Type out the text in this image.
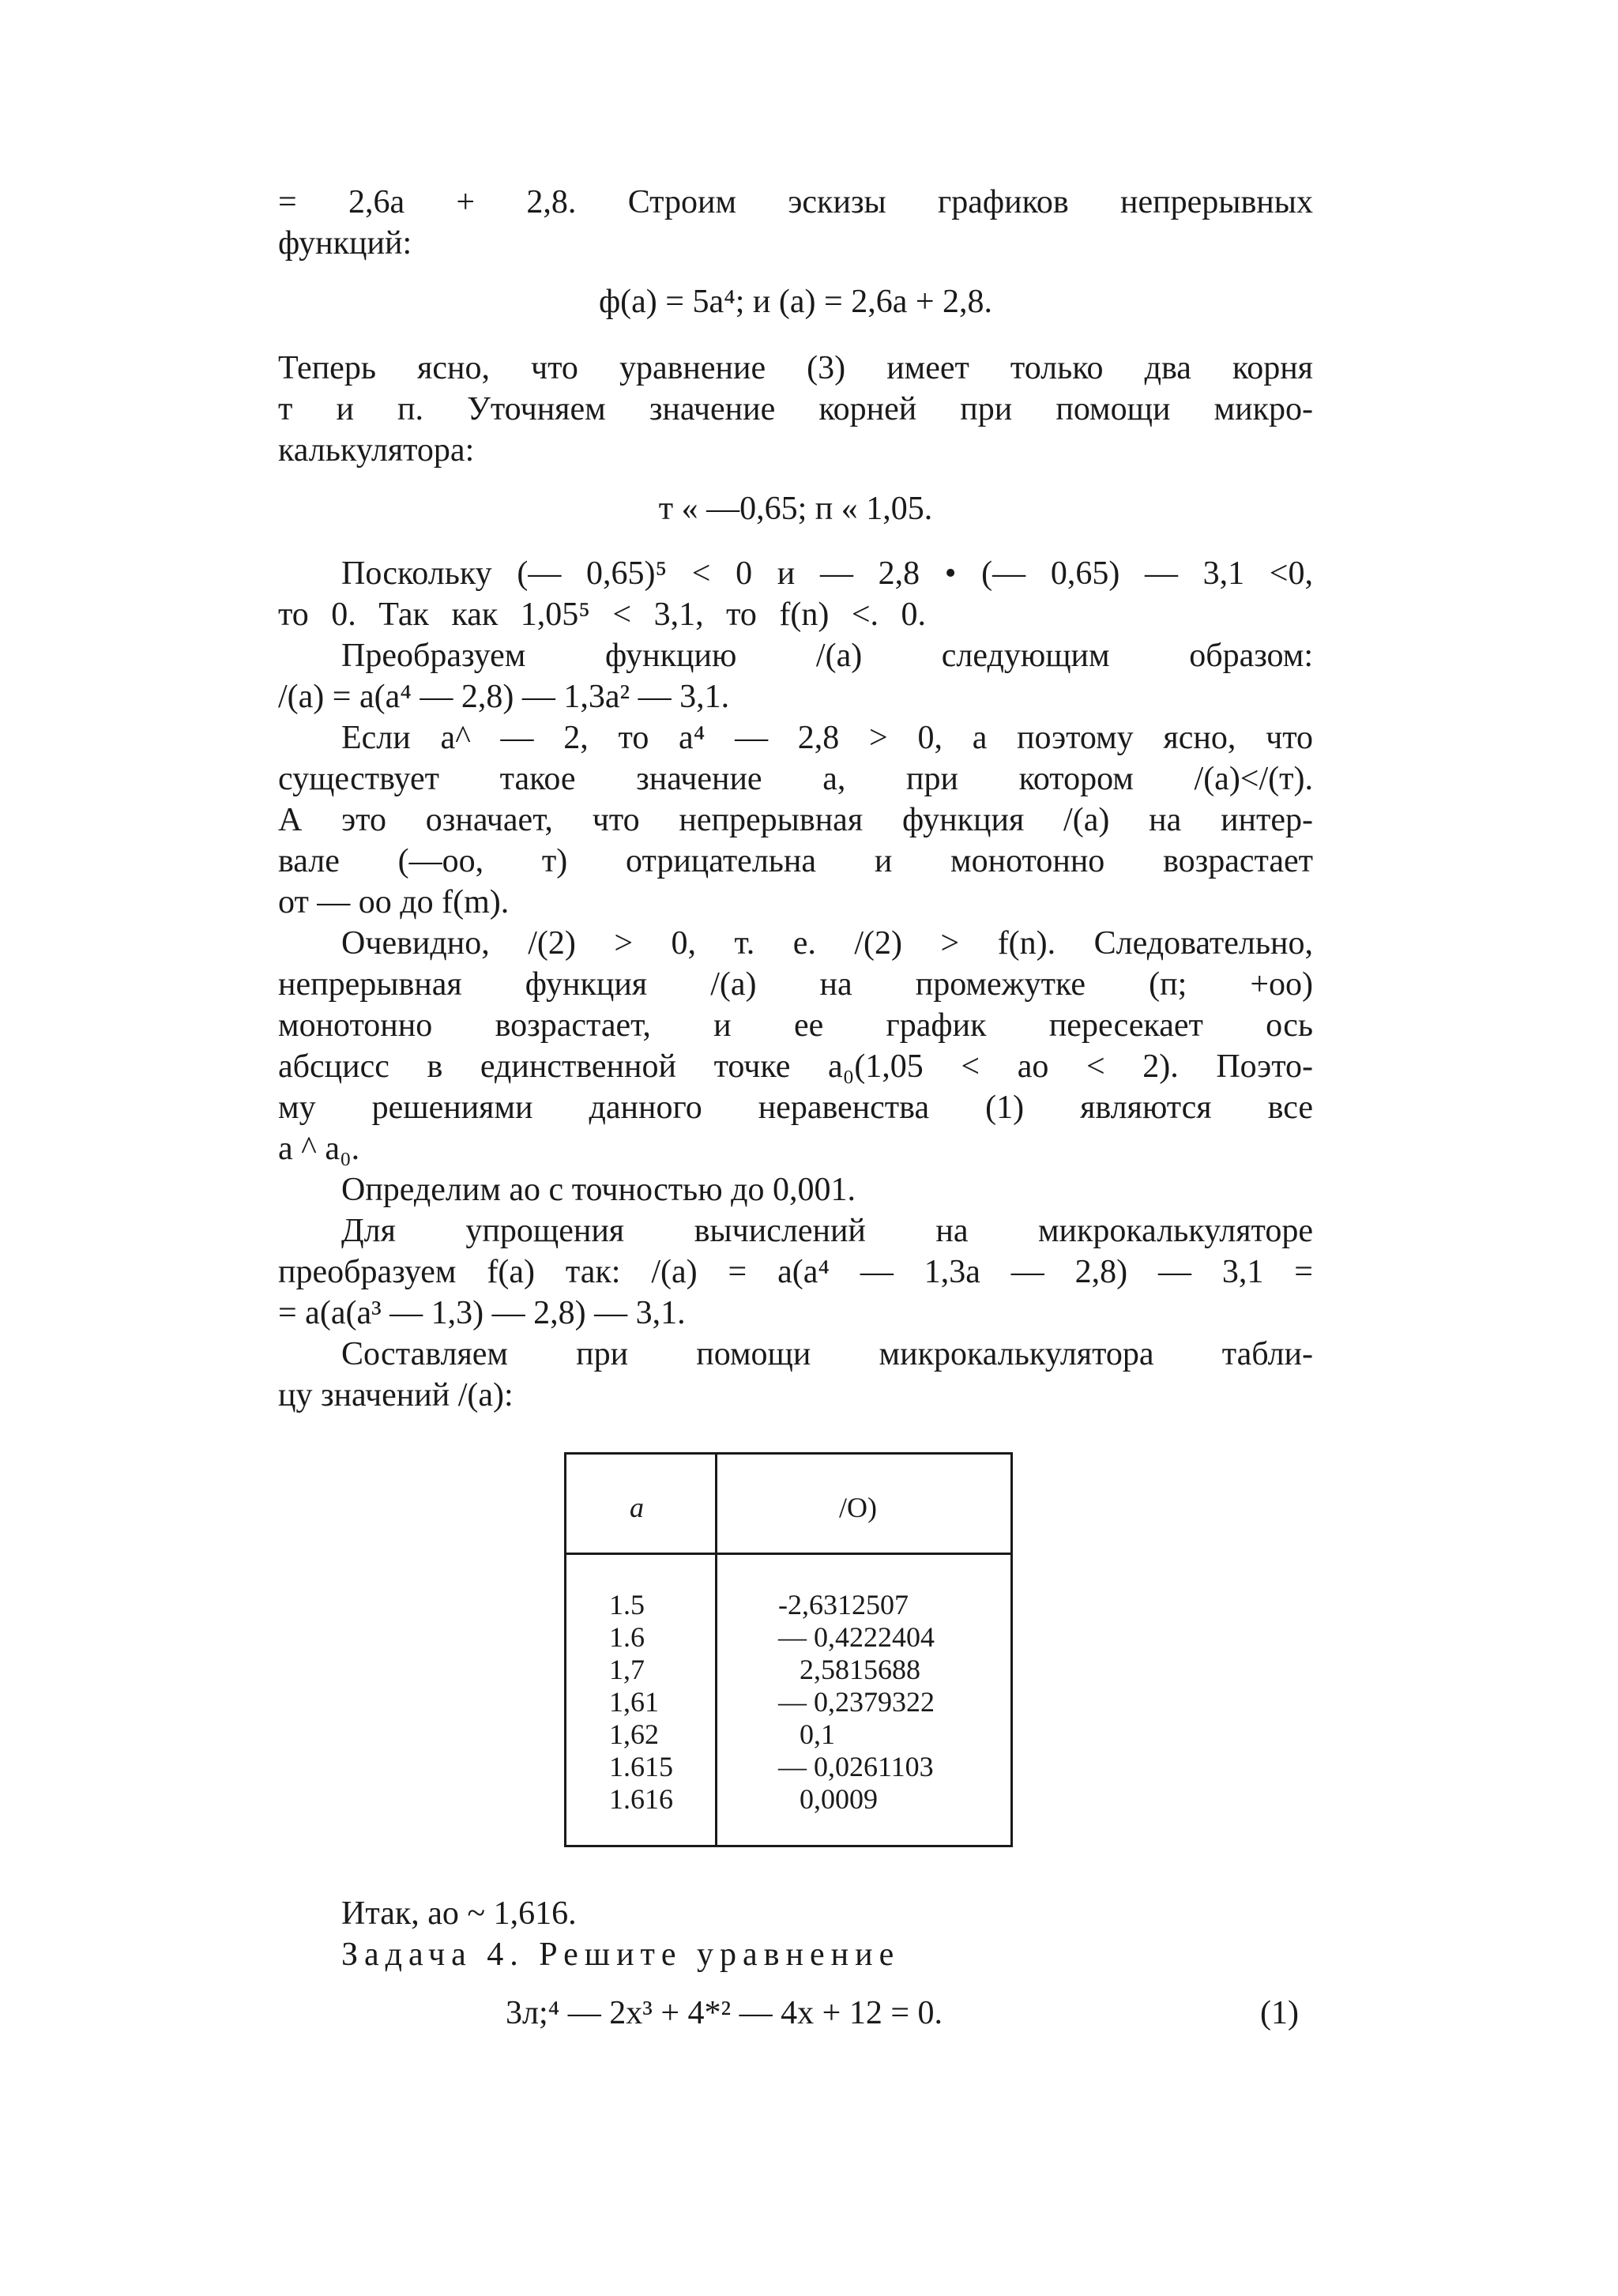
= 2,6a + 2,8. Строим эскизы графиков непрерывных
функций:
ф(а) = 5а⁴; и (а) = 2,6а + 2,8.
Теперь ясно, что уравнение (3) имеет только два корня
т и п. Уточняем значение корней при помощи микро-
калькулятора:
т « —0,65; п « 1,05.
Поскольку (— 0,65)⁵ < 0 и — 2,8 • (— 0,65) — 3,1 <0,
то 0. Так как 1,05⁵ < 3,1, то f(n) <. 0.
Преобразуем функцию /(а) следующим образом:
/(а) = а(а⁴ — 2,8) — 1,3а² — 3,1.
Если а^ — 2, то а⁴ — 2,8 > 0, а поэтому ясно, что
существует такое значение а, при котором /(а)</(т).
А это означает, что непрерывная функция /(а) на интер-
вале (—оо, т) отрицательна и монотонно возрастает
от — оо до f(m).
Очевидно, /(2) > 0, т. е. /(2) > f(n). Следовательно,
непрерывная функция /(а) на промежутке (п; +оо)
монотонно возрастает, и ее график пересекает ось
абсцисс в единственной точке а₀(1,05 < ао < 2). Поэто-
му решениями данного неравенства (1) являются все
а ^ а₀.
Определим ао с точностью до 0,001.
Для упрощения вычислений на микрокалькуляторе
преобразуем f(a) так: /(а) = а(а⁴ — 1,3а — 2,8) — 3,1 =
= а(а(а³ — 1,3) — 2,8) — 3,1.
Составляем при помощи микрокалькулятора табли-
цу значений /(а):
а	/О)
1.5
1.6
1,7
1,61
1,62
1.615
1.616
-2,6312507
— 0,4222404
2,5815688
— 0,2379322
0,1
— 0,0261103
0,0009
Итак, ао ~ 1,616.
Задача 4. Решите уравнение
3л;⁴ — 2х³ + 4*² — 4х + 12 = 0.	(1)
